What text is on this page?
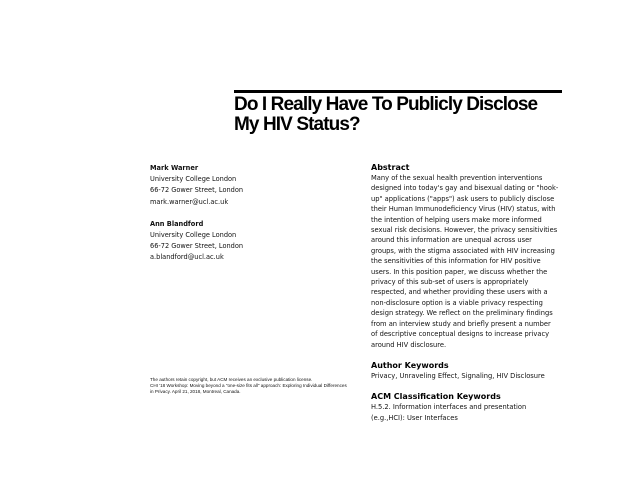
Do I Really Have To Publicly Disclose
My HIV Status?
Mark Warner
University College London
66-72 Gower Street, London
mark.warner@ucl.ac.uk
Ann Blandford
University College London
66-72 Gower Street, London
a.blandford@ucl.ac.uk
The authors retain copyright, but ACM receives an exclusive publication license.
CHI '18 Workshop: Moving beyond a "one-size fits all" approach: Exploring Individual Differences
in Privacy. April 21, 2018, Montreal, Canada.
Abstract

Many of the sexual health prevention interventions
designed into today's gay and bisexual dating or "hook-
up" applications ("apps") ask users to publicly disclose
their Human Immunodeficiency Virus (HIV) status, with
the intention of helping users make more informed
sexual risk decisions. However, the privacy sensitivities
around this information are unequal across user
groups, with the stigma associated with HIV increasing
the sensitivities of this information for HIV positive
users. In this position paper, we discuss whether the
privacy of this sub-set of users is appropriately
respected, and whether providing these users with a
non-disclosure option is a viable privacy respecting
design strategy. We reflect on the preliminary findings
from an interview study and briefly present a number
of descriptive conceptual designs to increase privacy
around HIV disclosure.

Author Keywords

Privacy, Unraveling Effect, Signaling, HIV Disclosure

ACM Classification Keywords

H.5.2. Information interfaces and presentation
(e.g.,HCI): User Interfaces
